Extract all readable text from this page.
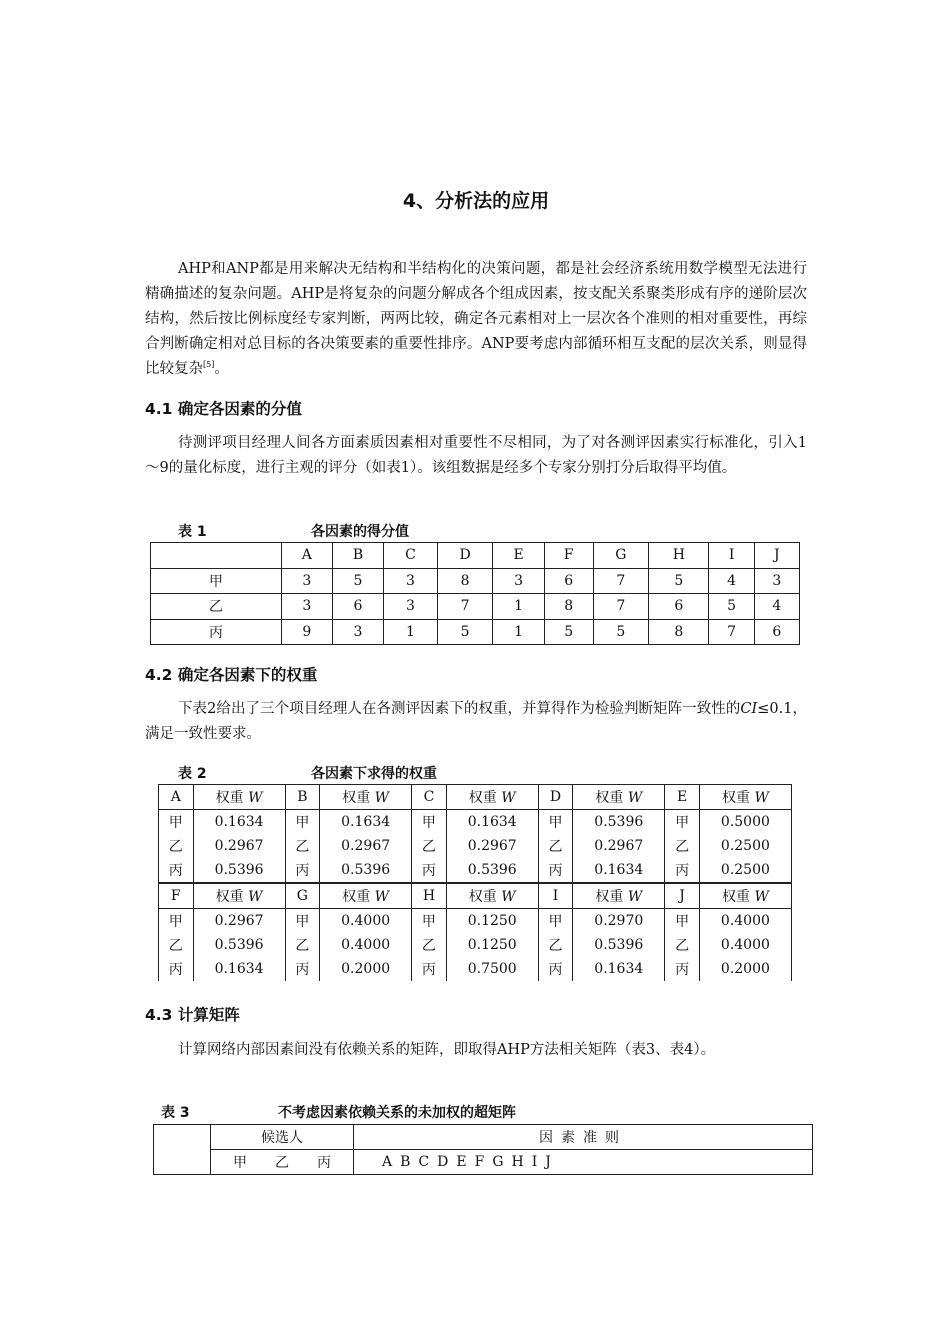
4、分析法的应用

AHP和ANP都是用来解决无结构和半结构化的决策问题，都是社会经济系统用数学模型无法进行精确描述的复杂问题。AHP是将复杂的问题分解成各个组成因素，按支配关系聚类形成有序的递阶层次结构，然后按比例标度经专家判断，两两比较，确定各元素相对上一层次各个准则的相对重要性，再综合判断确定相对总目标的各决策要素的重要性排序。ANP要考虑内部循环相互支配的层次关系，则显得比较复杂[5]。

4.1 确定各因素的分值

待测评项目经理人间各方面素质因素相对重要性不尽相同，为了对各测评因素实行标准化，引入1～9的量化标度，进行主观的评分（如表1）。该组数据是经多个专家分别打分后取得平均值。

表 1	各因素的得分值
	A	B	C	D	E	F	G	H	I	J
甲	3	5	3	8	3	6	7	5	4	3
乙	3	6	3	7	1	8	7	6	5	4
丙	9	3	1	5	1	5	5	8	7	6
4.2 确定各因素下的权重

下表2给出了三个项目经理人在各测评因素下的权重，并算得作为检验判断矩阵一致性的CI≤0.1，满足一致性要求。

表 2	各因素下求得的权重
A	权重 W	B	权重 W	C	权重 W	D	权重 W	E	权重 W
甲	0.1634	甲	0.1634	甲	0.1634	甲	0.5396	甲	0.5000
乙	0.2967	乙	0.2967	乙	0.2967	乙	0.2967	乙	0.2500
丙	0.5396	丙	0.5396	丙	0.5396	丙	0.1634	丙	0.2500
F	权重 W	G	权重 W	H	权重 W	I	权重 W	J	权重 W
甲	0.2967	甲	0.4000	甲	0.1250	甲	0.2970	甲	0.4000
乙	0.5396	乙	0.4000	乙	0.1250	乙	0.5396	乙	0.4000
丙	0.1634	丙	0.2000	丙	0.7500	丙	0.1634	丙	0.2000
4.3 计算矩阵

计算网络内部因素间没有依赖关系的矩阵，即取得AHP方法相关矩阵（表3、表4）。

表 3	不考虑因素依赖关系的未加权的超矩阵
	候选人	因素准则
	甲 乙 丙	A B C D E F G H I J
